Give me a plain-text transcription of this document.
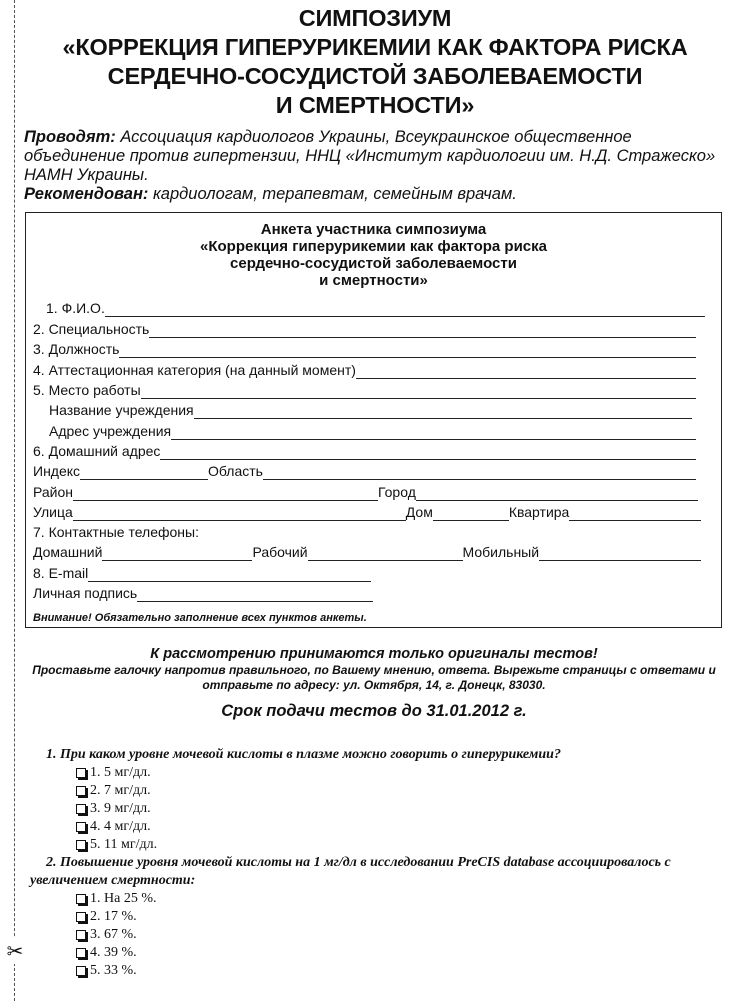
✂
СИМПОЗИУМ
«КОРРЕКЦИЯ ГИПЕРУРИКЕМИИ КАК ФАКТОРА РИСКА
СЕРДЕЧНО-СОСУДИСТОЙ ЗАБОЛЕВАЕМОСТИ
И СМЕРТНОСТИ»
Проводят: Ассоциация кардиологов Украины, Всеукраинское общественное объединение против гипертензии, ННЦ «Институт кардиологии им. Н.Д. Стражеско» НАМН Украины.
Рекомендован: кардиологам, терапевтам, семейным врачам.
Анкета участника симпозиума
«Коррекция гиперурикемии как фактора риска
сердечно-сосудистой заболеваемости
и смертности»
1. Ф.И.О.
2. Специальность
3. Должность
4. Аттестационная категория (на данный момент)
5. Место работы
Название учреждения
Адрес учреждения
6. Домашний адрес
Индекс	Область
Район	Город
Улица	Дом	Квартира
7. Контактные телефоны:
Домашний	Рабочий	Мобильный
8. E-mail
Личная подпись
Внимание! Обязательно заполнение всех пунктов анкеты.
К рассмотрению принимаются только оригиналы тестов!
Проставьте галочку напротив правильного, по Вашему мнению, ответа. Вырежьте страницы с ответами и отправьте по адресу: ул. Октября, 14, г. Донецк, 83030.
Срок подачи тестов до 31.01.2012 г.

1. При каком уровне мочевой кислоты в плазме можно говорить о гиперурикемии?

1. 5 мг/дл.
2. 7 мг/дл.
3. 9 мг/дл.
4. 4 мг/дл.
5. 11 мг/дл.

2. Повышение уровня мочевой кислоты на 1 мг/дл в исследовании PreCIS database ассоциировалось с увеличением смертности:

1. На 25 %.
2. 17 %.
3. 67 %.
4. 39 %.
5. 33 %.
